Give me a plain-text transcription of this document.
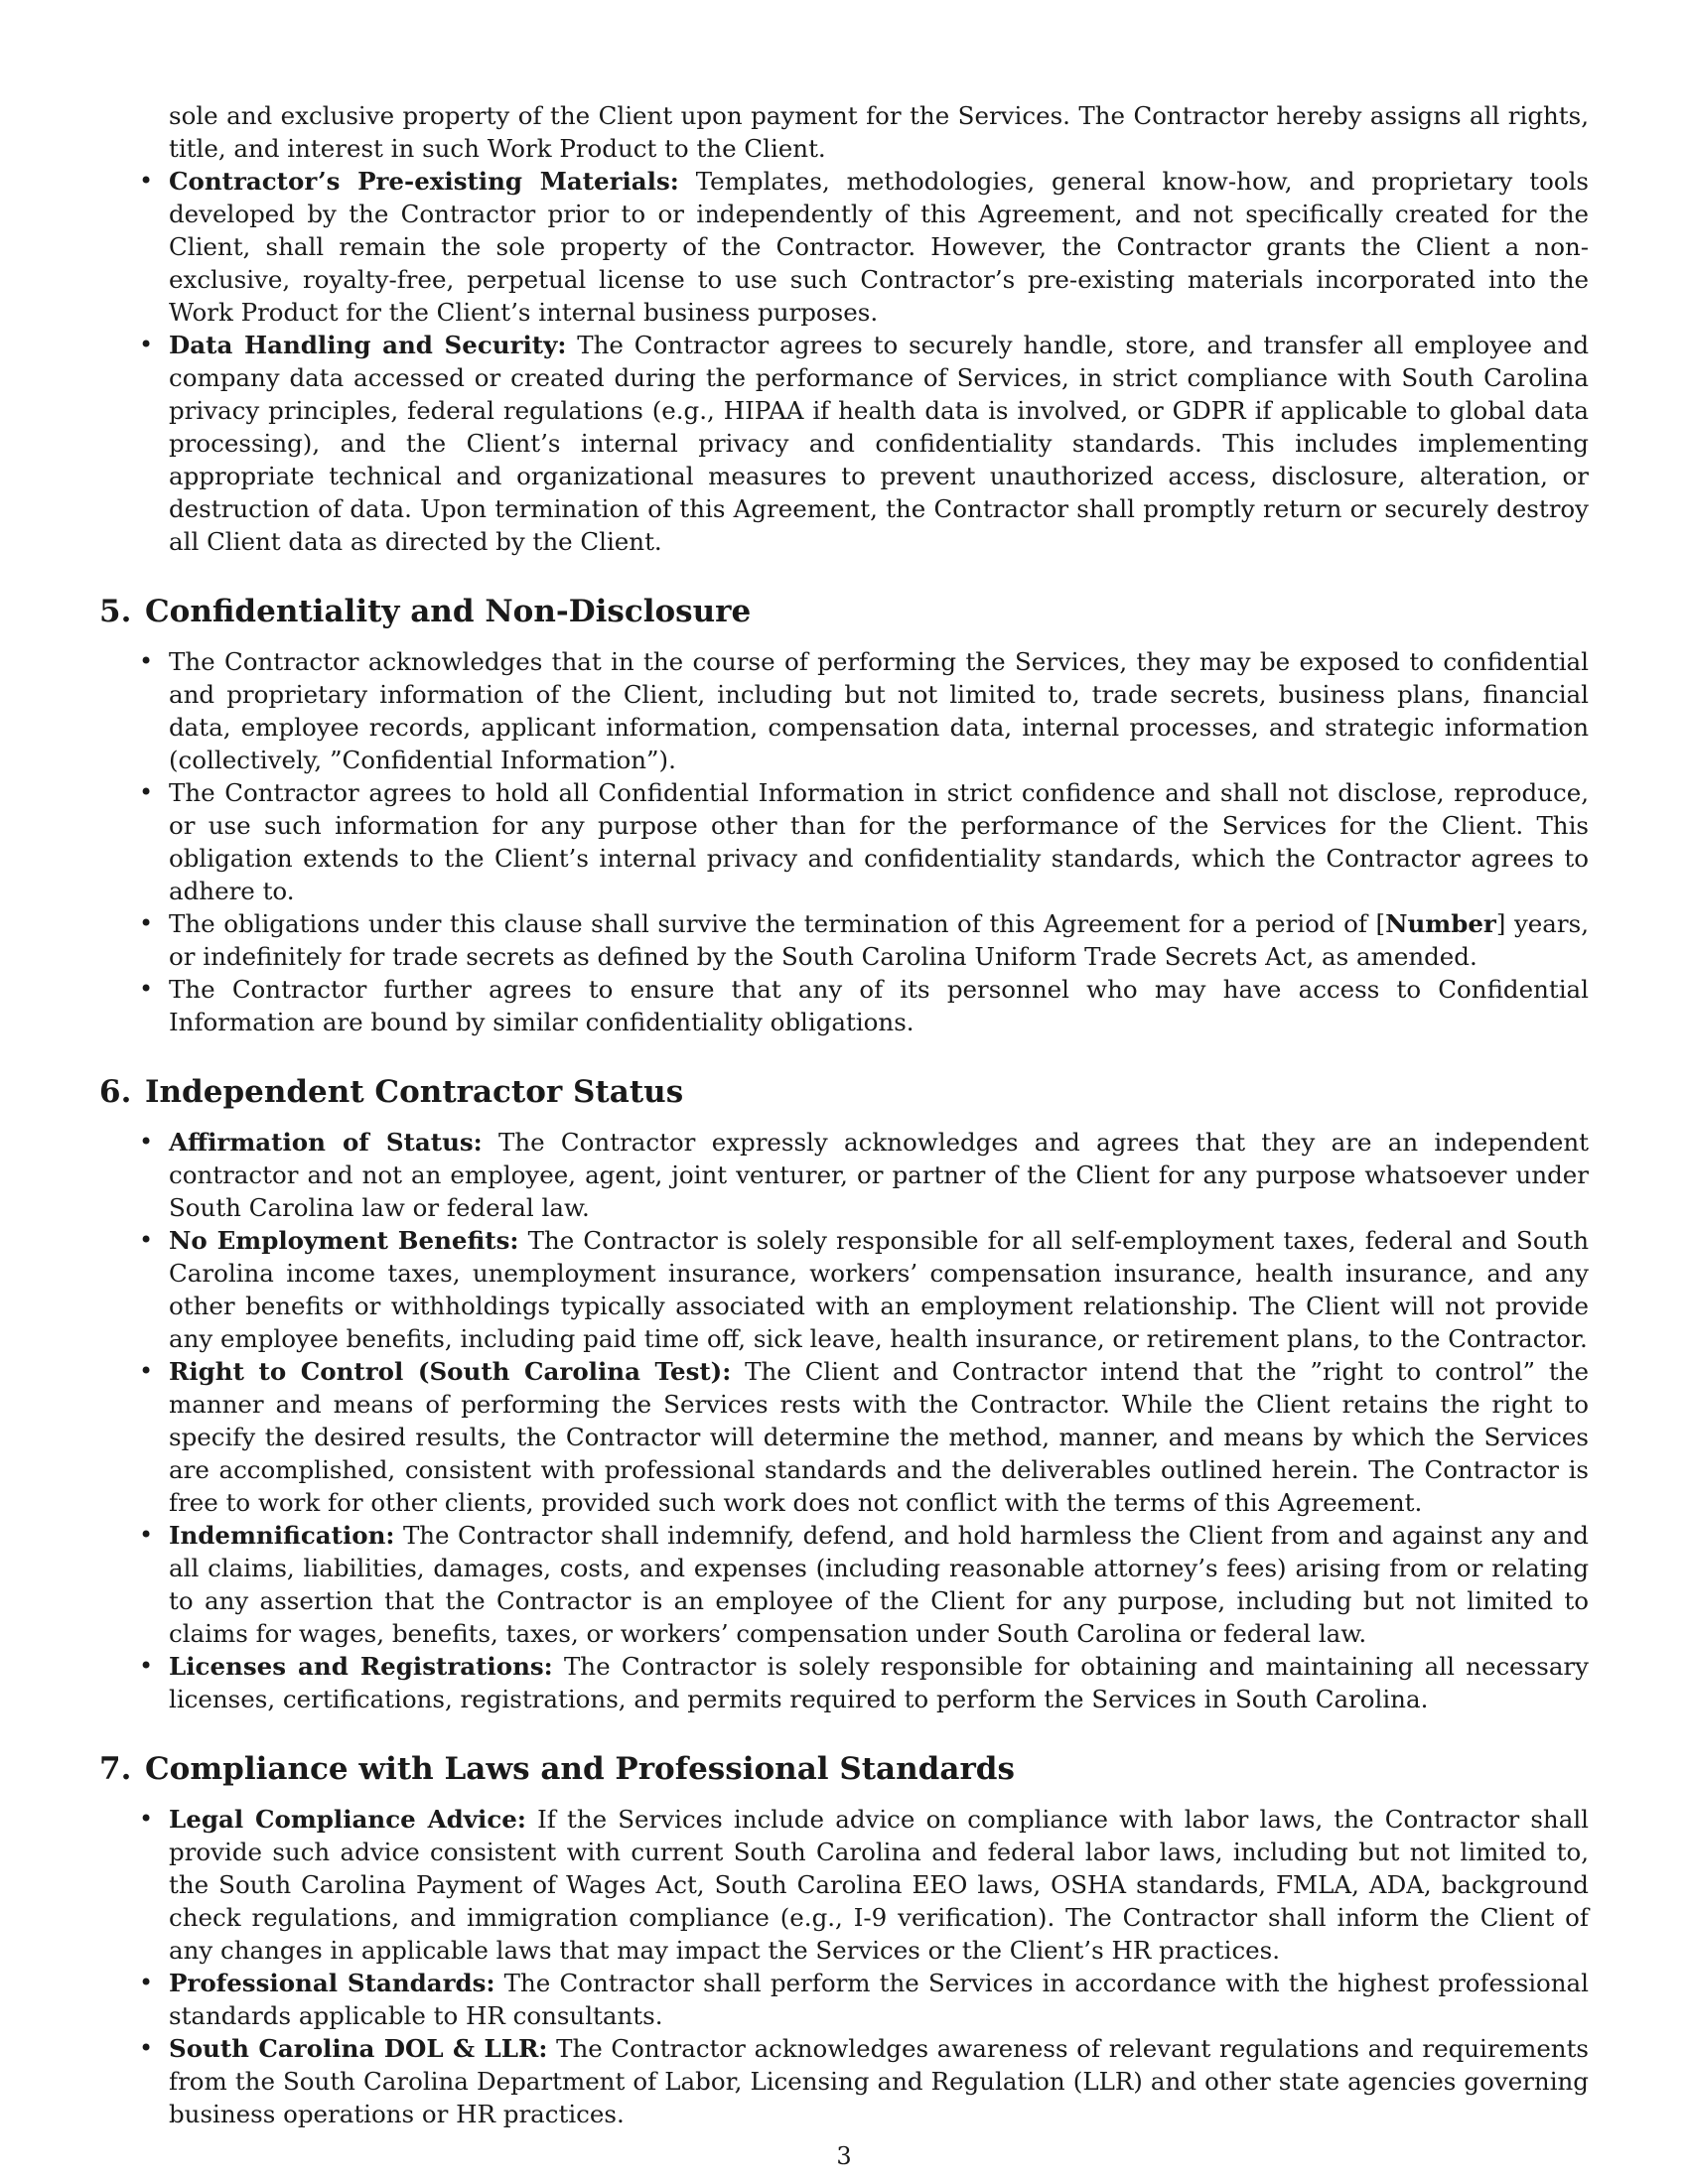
sole and exclusive property of the Client upon payment for the Services. The Contractor hereby assigns all rights, title, and interest in such Work Product to the Client.
• Contractor’s Pre-existing Materials: Templates, methodologies, general know-how, and proprietary tools developed by the Contractor prior to or independently of this Agreement, and not specifically created for the Client, shall remain the sole property of the Contractor. However, the Contractor grants the Client a non-exclusive, royalty-free, perpetual license to use such Contractor’s pre-existing materials incorporated into the Work Product for the Client’s internal business purposes.
• Data Handling and Security: The Contractor agrees to securely handle, store, and transfer all employee and company data accessed or created during the performance of Services, in strict compliance with South Carolina privacy principles, federal regulations (e.g., HIPAA if health data is involved, or GDPR if applicable to global data processing), and the Client’s internal privacy and confidentiality standards. This includes implementing appropriate technical and organizational measures to prevent unauthorized access, disclosure, alteration, or destruction of data. Upon termination of this Agreement, the Contractor shall promptly return or securely destroy all Client data as directed by the Client.
5. Confidentiality and Non-Disclosure
• The Contractor acknowledges that in the course of performing the Services, they may be exposed to confidential and proprietary information of the Client, including but not limited to, trade secrets, business plans, financial data, employee records, applicant information, compensation data, internal processes, and strategic information (collectively, ”Confidential Information”).
• The Contractor agrees to hold all Confidential Information in strict confidence and shall not disclose, reproduce, or use such information for any purpose other than for the performance of the Services for the Client. This obligation extends to the Client’s internal privacy and confidentiality standards, which the Contractor agrees to adhere to.
• The obligations under this clause shall survive the termination of this Agreement for a period of [Number] years, or indefinitely for trade secrets as defined by the South Carolina Uniform Trade Secrets Act, as amended.
• The Contractor further agrees to ensure that any of its personnel who may have access to Confidential Information are bound by similar confidentiality obligations.
6. Independent Contractor Status
• Affirmation of Status: The Contractor expressly acknowledges and agrees that they are an independent contractor and not an employee, agent, joint venturer, or partner of the Client for any purpose whatsoever under South Carolina law or federal law.
• No Employment Benefits: The Contractor is solely responsible for all self-employment taxes, federal and South Carolina income taxes, unemployment insurance, workers’ compensation insurance, health insurance, and any other benefits or withholdings typically associated with an employment relationship. The Client will not provide any employee benefits, including paid time off, sick leave, health insurance, or retirement plans, to the Contractor.
• Right to Control (South Carolina Test): The Client and Contractor intend that the ”right to control” the manner and means of performing the Services rests with the Contractor. While the Client retains the right to specify the desired results, the Contractor will determine the method, manner, and means by which the Services are accomplished, consistent with professional standards and the deliverables outlined herein. The Contractor is free to work for other clients, provided such work does not conflict with the terms of this Agreement.
• Indemnification: The Contractor shall indemnify, defend, and hold harmless the Client from and against any and all claims, liabilities, damages, costs, and expenses (including reasonable attorney’s fees) arising from or relating to any assertion that the Contractor is an employee of the Client for any purpose, including but not limited to claims for wages, benefits, taxes, or workers’ compensation under South Carolina or federal law.
• Licenses and Registrations: The Contractor is solely responsible for obtaining and maintaining all necessary licenses, certifications, registrations, and permits required to perform the Services in South Carolina.
7. Compliance with Laws and Professional Standards
• Legal Compliance Advice: If the Services include advice on compliance with labor laws, the Contractor shall provide such advice consistent with current South Carolina and federal labor laws, including but not limited to, the South Carolina Payment of Wages Act, South Carolina EEO laws, OSHA standards, FMLA, ADA, background check regulations, and immigration compliance (e.g., I-9 verification). The Contractor shall inform the Client of any changes in applicable laws that may impact the Services or the Client’s HR practices.
• Professional Standards: The Contractor shall perform the Services in accordance with the highest professional standards applicable to HR consultants.
• South Carolina DOL & LLR: The Contractor acknowledges awareness of relevant regulations and requirements from the South Carolina Department of Labor, Licensing and Regulation (LLR) and other state agencies governing business operations or HR practices.
3
